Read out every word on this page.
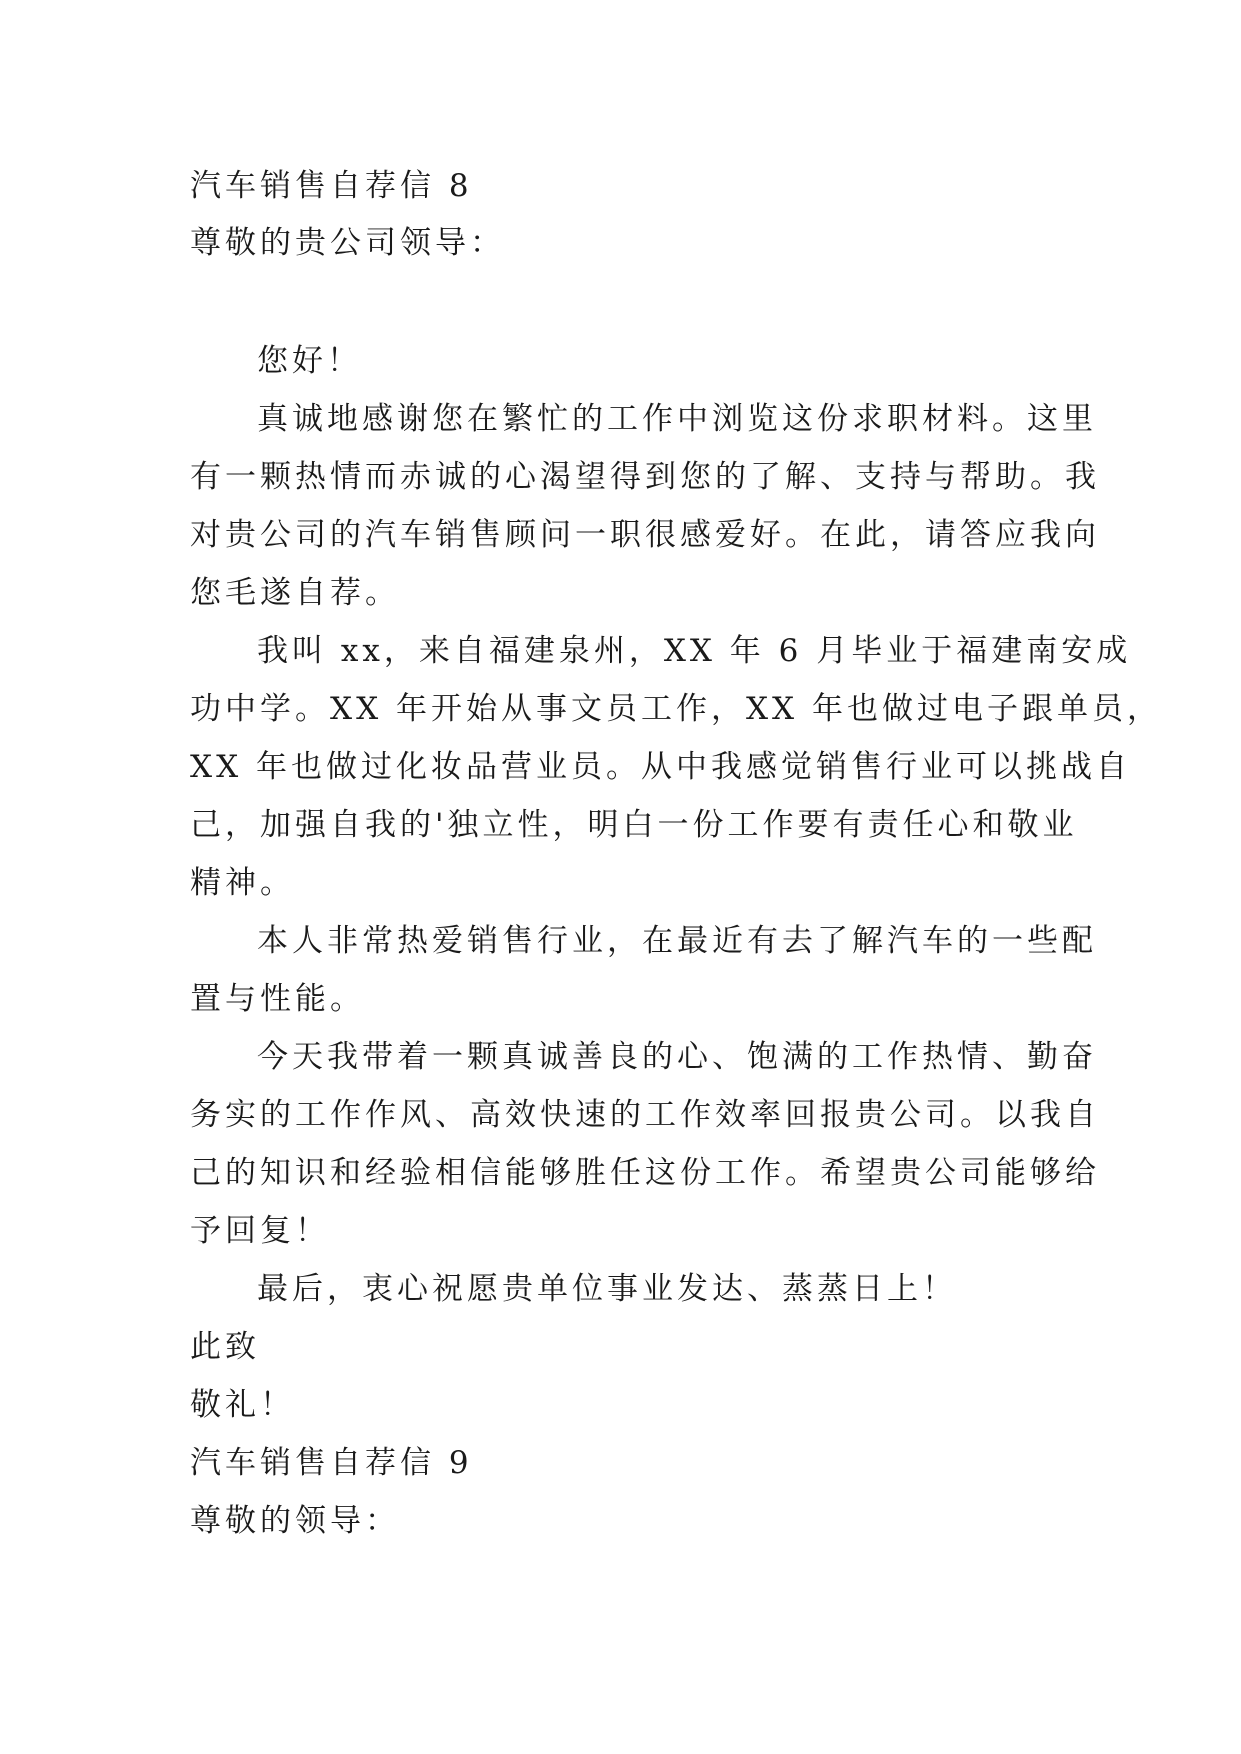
汽车销售自荐信 8
尊敬的贵公司领导：
您好！
真诚地感谢您在繁忙的工作中浏览这份求职材料。这里
有一颗热情而赤诚的心渴望得到您的了解、支持与帮助。我
对贵公司的汽车销售顾问一职很感爱好。在此，请答应我向
您毛遂自荐。
我叫 xx，来自福建泉州，XX 年 6 月毕业于福建南安成
功中学。XX 年开始从事文员工作，XX 年也做过电子跟单员，
XX 年也做过化妆品营业员。从中我感觉销售行业可以挑战自
己，加强自我的'独立性，明白一份工作要有责任心和敬业
精神。
本人非常热爱销售行业，在最近有去了解汽车的一些配
置与性能。
今天我带着一颗真诚善良的心、饱满的工作热情、勤奋
务实的工作作风、高效快速的工作效率回报贵公司。以我自
己的知识和经验相信能够胜任这份工作。希望贵公司能够给
予回复！
最后，衷心祝愿贵单位事业发达、蒸蒸日上！
此致
敬礼！
汽车销售自荐信 9
尊敬的领导：
